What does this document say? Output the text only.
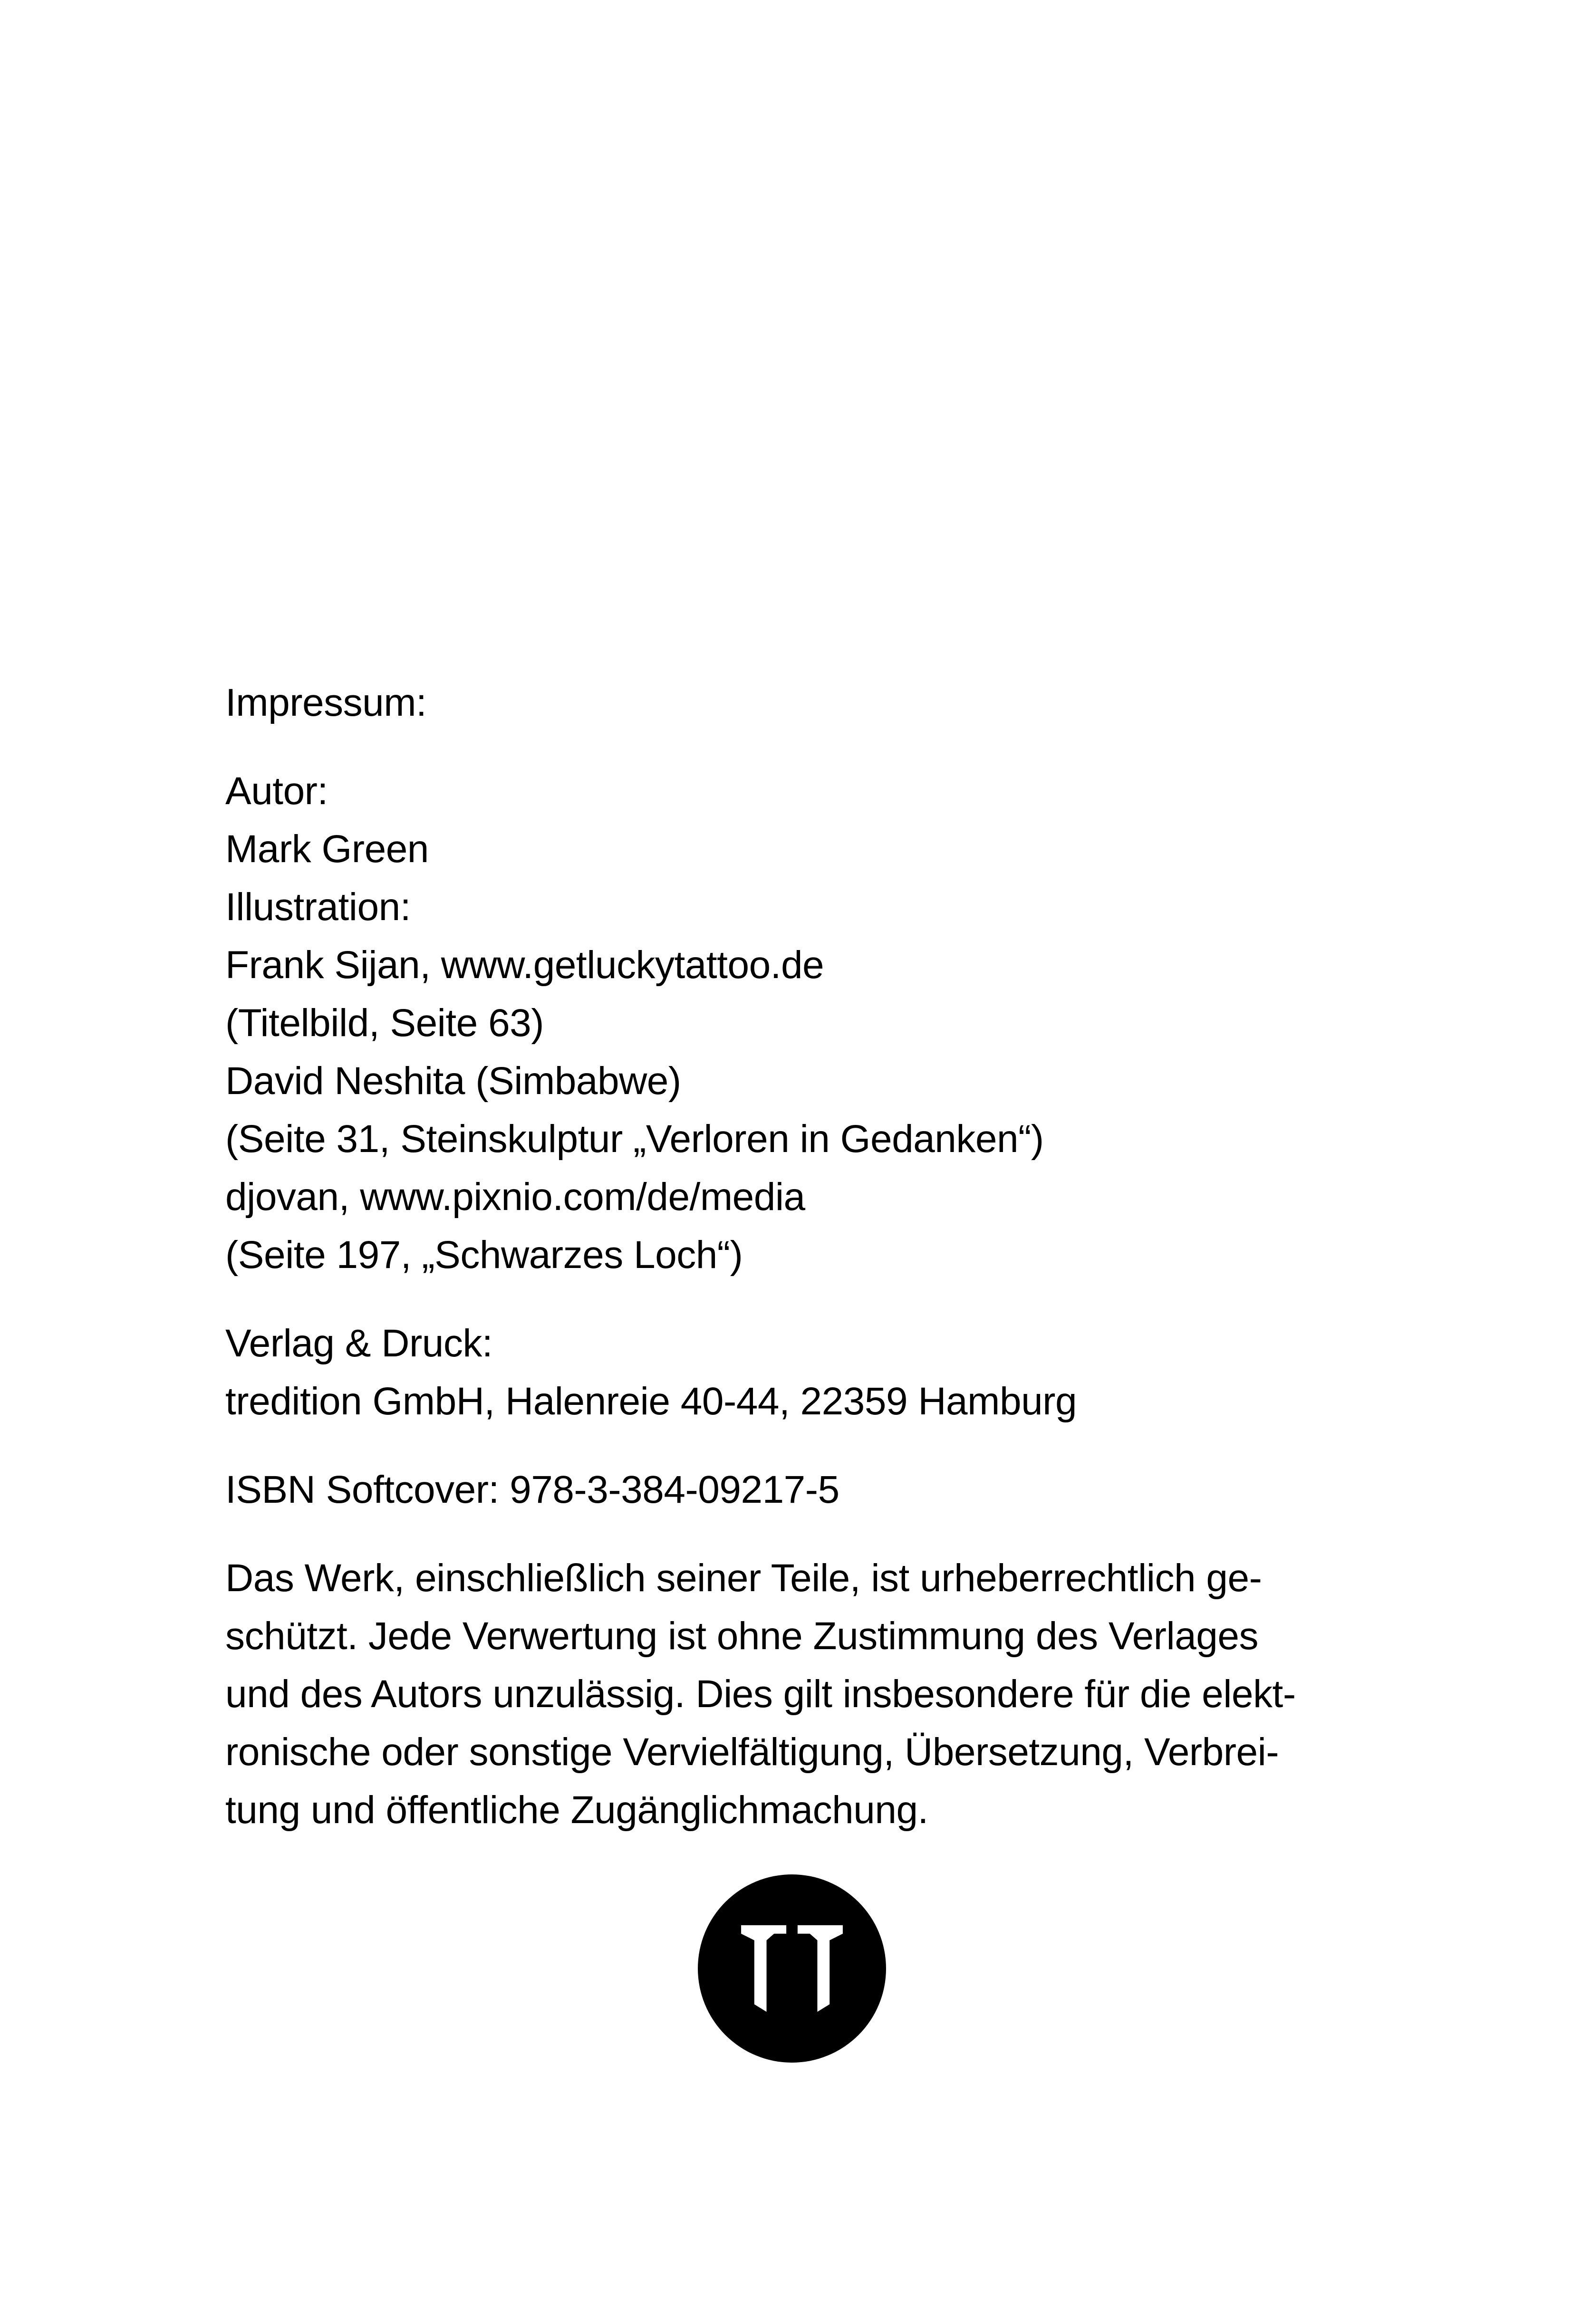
Impressum:
Autor:
Mark Green
Illustration:
Frank Sijan, www.getluckytattoo.de
(Titelbild, Seite 63)
David Neshita (Simbabwe)
(Seite 31, Steinskulptur „Verloren in Gedanken“)
djovan, www.pixnio.com/de/media
(Seite 197, „Schwarzes Loch“)
Verlag & Druck:
tredition GmbH, Halenreie 40-44, 22359 Hamburg
ISBN Softcover: 978-3-384-09217-5
Das Werk, einschließlich seiner Teile, ist urheberrechtlich ge-
schützt. Jede Verwertung ist ohne Zustimmung des Verlages
und des Autors unzulässig. Dies gilt insbesondere für die elekt-
ronische oder sonstige Vervielfältigung, Übersetzung, Verbrei-
tung und öffentliche Zugänglichmachung.
